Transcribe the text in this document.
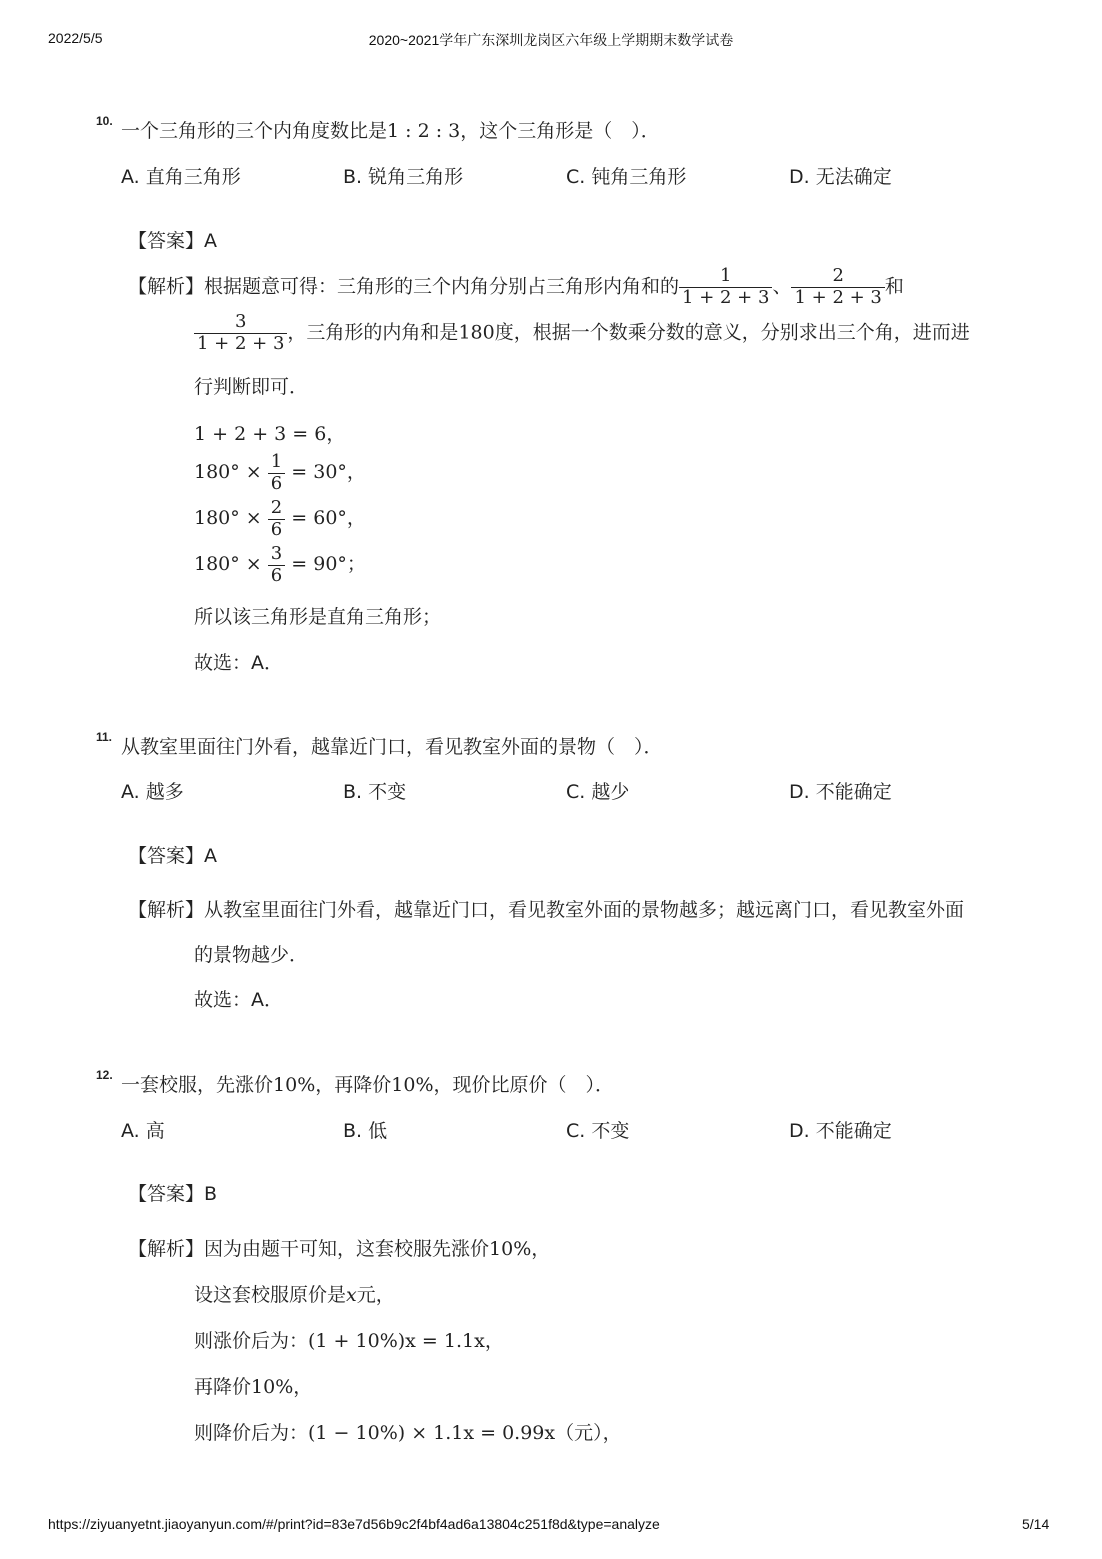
2022/5/5	2020~2021学年广东深圳龙岗区六年级上学期期末数学试卷
10. 一个三角形的三个内角度数比是1 : 2 : 3，这个三角形是（　）．
A. 直角三角形	B. 锐角三角形	C. 钝角三角形	D. 无法确定
【答案】A
【解析】根据题意可得：三角形的三个内角分别占三角形内角和的 $\frac{1}{1 + 2 + 3}$ 、 $\frac{2}{1 + 2 + 3}$ 和
$\frac{3}{1 + 2 + 3}$ ，三角形的内角和是180度，根据一个数乘分数的意义，分别求出三个角，进而进
行判断即可．
1 + 2 + 3 = 6，
$180^\circ \times \frac{1}{6} = 30^\circ$，
$180^\circ \times \frac{2}{6} = 60^\circ$，
$180^\circ \times \frac{3}{6} = 90^\circ$；
所以该三角形是直角三角形；
故选：A．
11. 从教室里面往门外看，越靠近门口，看见教室外面的景物（　）．
A. 越多	B. 不变	C. 越少	D. 不能确定
【答案】A
【解析】从教室里面往门外看，越靠近门口，看见教室外面的景物越多；越远离门口，看见教室外面
的景物越少．
故选：A．
12. 一套校服，先涨价10%，再降价10%，现价比原价（　）．
A. 高	B. 低	C. 不变	D. 不能确定
【答案】B
【解析】因为由题干可知，这套校服先涨价10%，
设这套校服原价是x元，
则涨价后为：(1 + 10%)x = 1.1x，
再降价10%，
则降价后为：(1 − 10%) × 1.1x = 0.99x（元），
https://ziyuanyetnt.jiaoyanyun.com/#/print?id=83e7d56b9c2f4bf4ad6a13804c251f8d&type=analyze	5/14
